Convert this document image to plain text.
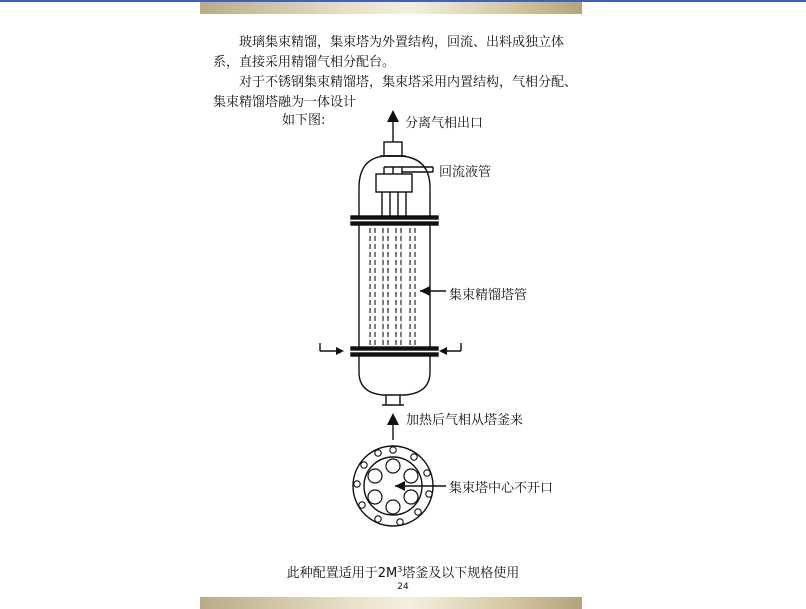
玻璃集束精馏，集束塔为外置结构，回流、出料成独立体系，直接采用精馏气相分配台。

对于不锈钢集束精馏塔，集束塔采用内置结构，气相分配、集束精馏塔融为一体设计

如下图:	分离气相出口
回流液管
集束精馏塔管
加热后气相从塔釜来
集束塔中心不开口
此种配置适用于$2M^3$塔釜及以下规格使用
24
